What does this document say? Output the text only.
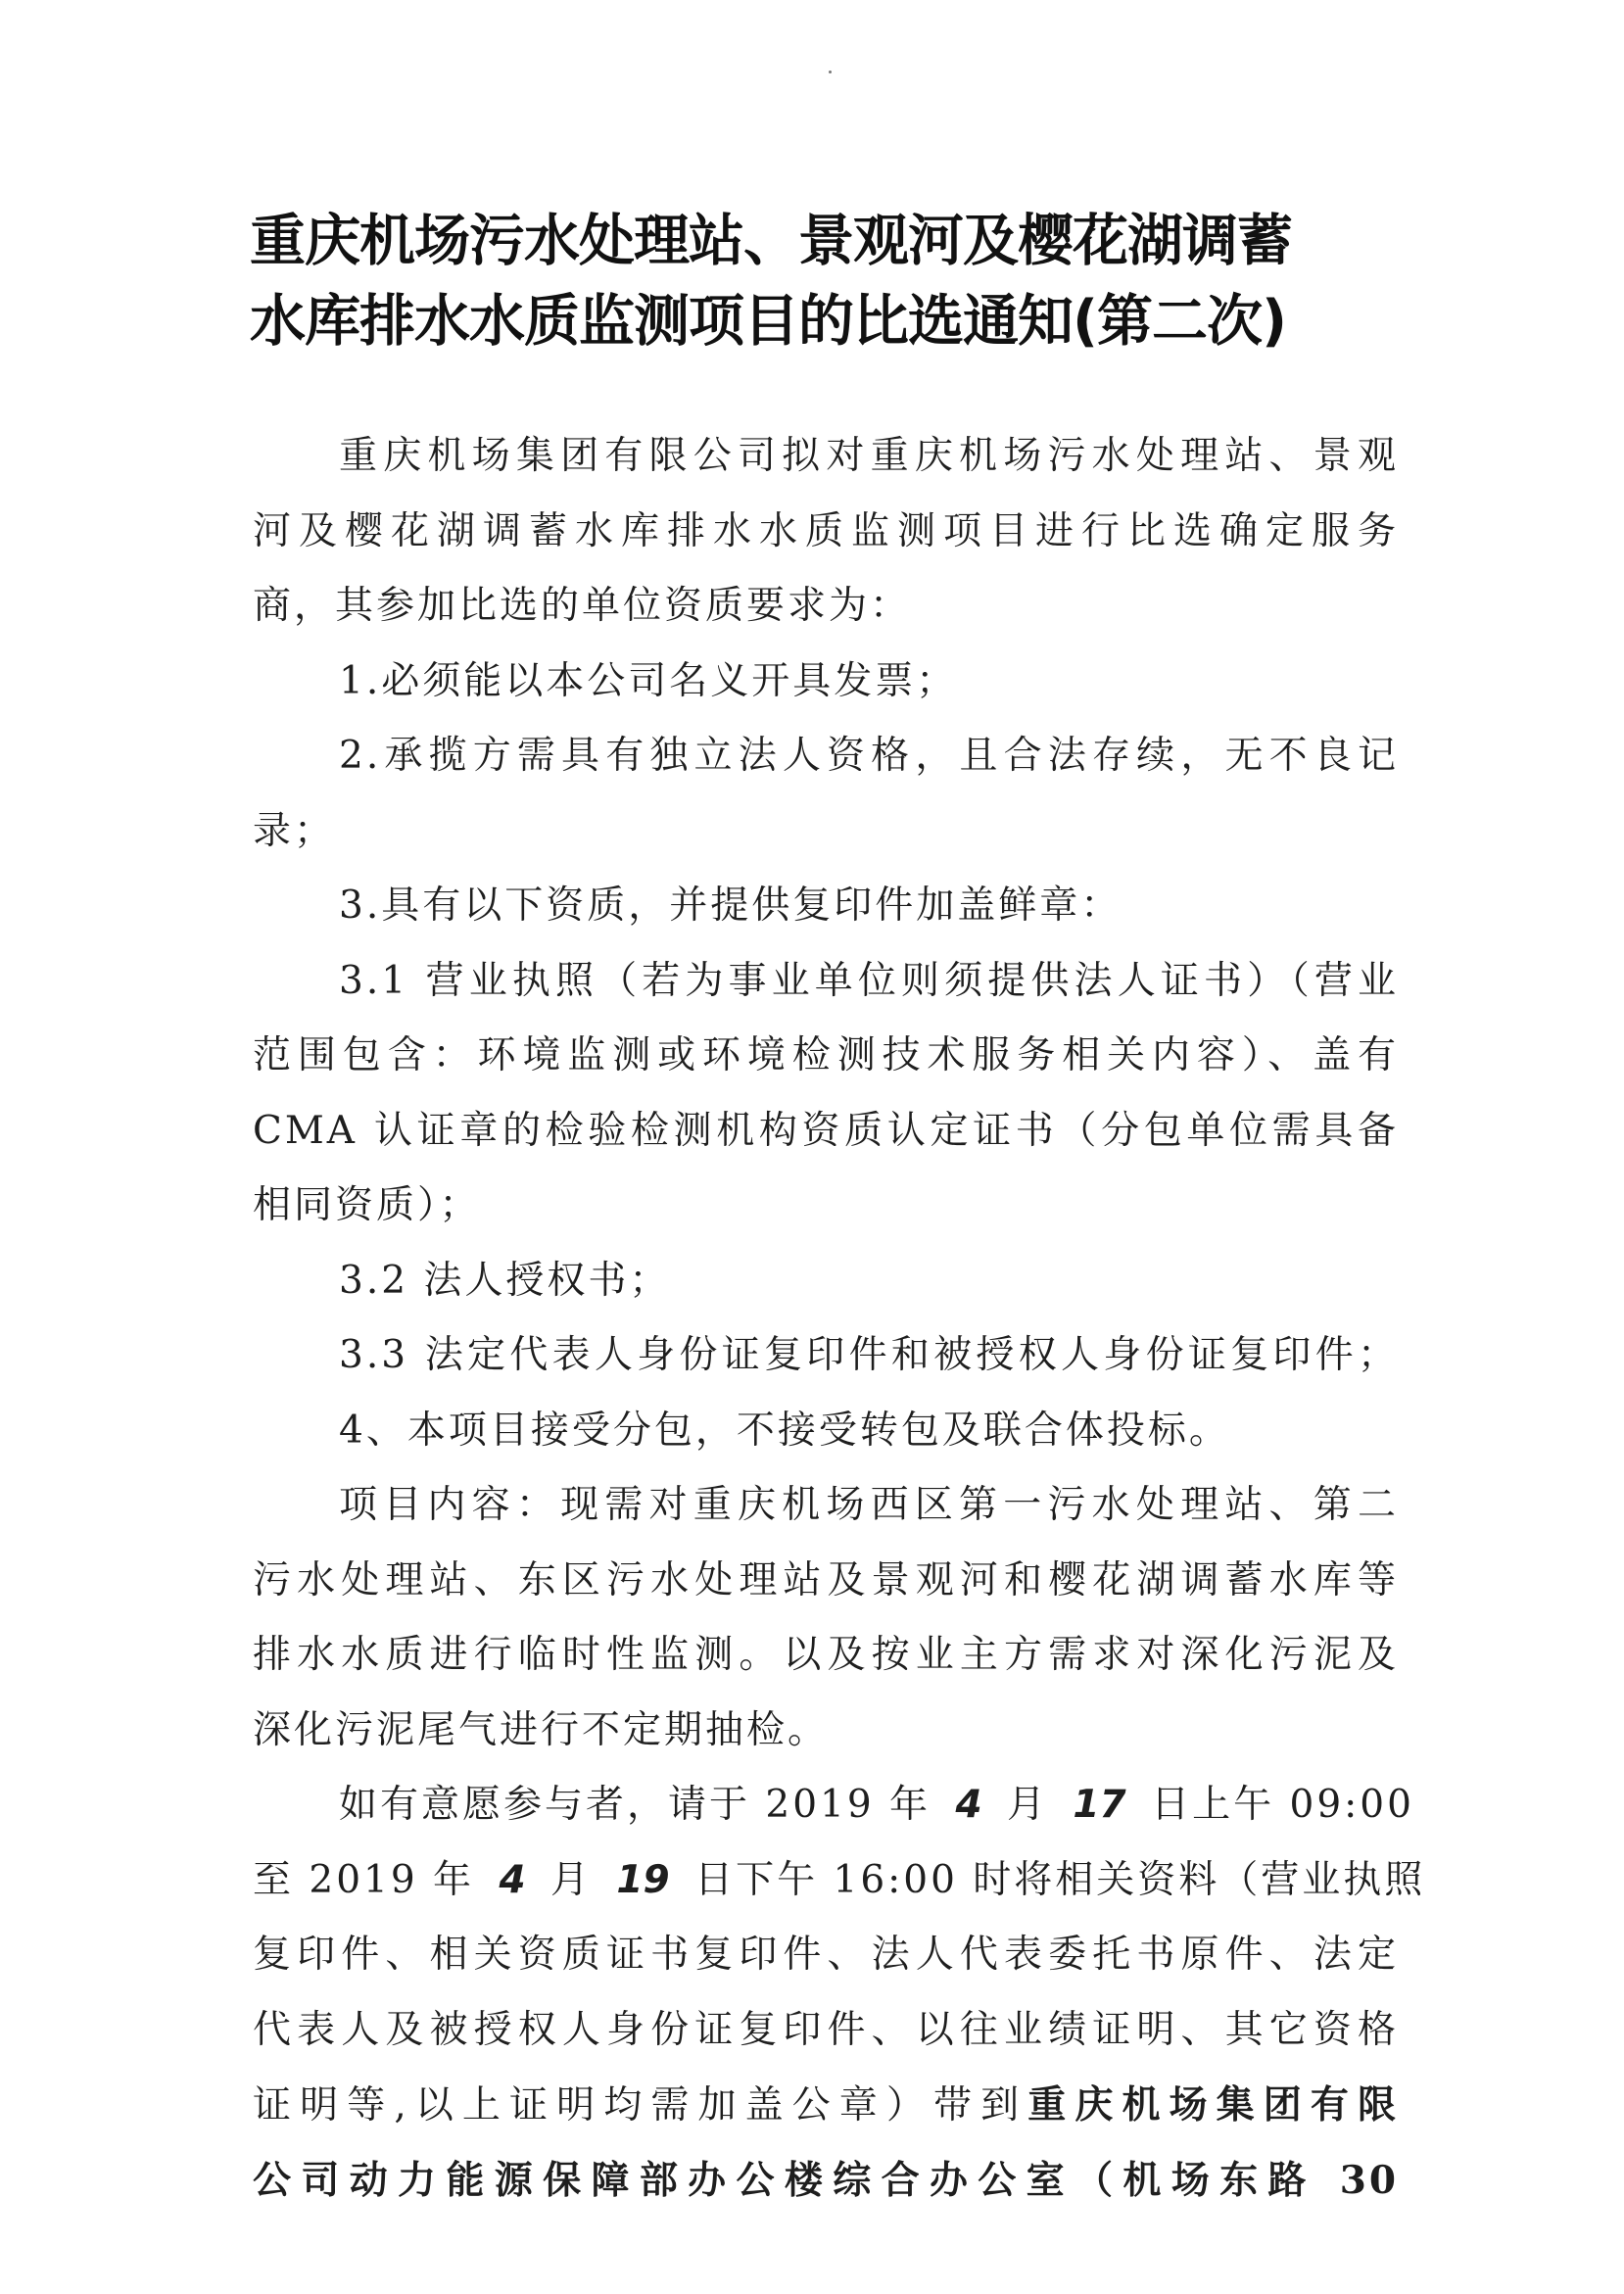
重庆机场污水处理站、景观河及樱花湖调蓄
水库排水水质监测项目的比选通知(第二次)
重庆机场集团有限公司拟对重庆机场污水处理站、景观
河及樱花湖调蓄水库排水水质监测项目进行比选确定服务
商，其参加比选的单位资质要求为：
1.必须能以本公司名义开具发票；
2.承揽方需具有独立法人资格，且合法存续，无不良记
录；
3.具有以下资质，并提供复印件加盖鲜章：
3.1 营业执照（若为事业单位则须提供法人证书）（营业
范围包含：环境监测或环境检测技术服务相关内容）、盖有
CMA 认证章的检验检测机构资质认定证书（分包单位需具备
相同资质）；
3.2 法人授权书；
3.3 法定代表人身份证复印件和被授权人身份证复印件；
4、本项目接受分包，不接受转包及联合体投标。
项目内容：现需对重庆机场西区第一污水处理站、第二
污水处理站、东区污水处理站及景观河和樱花湖调蓄水库等
排水水质进行临时性监测。以及按业主方需求对深化污泥及
深化污泥尾气进行不定期抽检。
如有意愿参与者，请于 2019 年 4 月 17 日上午 09:00
至 2019 年 4 月 19 日下午 16:00 时将相关资料（营业执照
复印件、相关资质证书复印件、法人代表委托书原件、法定
代表人及被授权人身份证复印件、以往业绩证明、其它资格
证明等,以上证明均需加盖公章）带到重庆机场集团有限
公司动力能源保障部办公楼综合办公室（机场东路 30
